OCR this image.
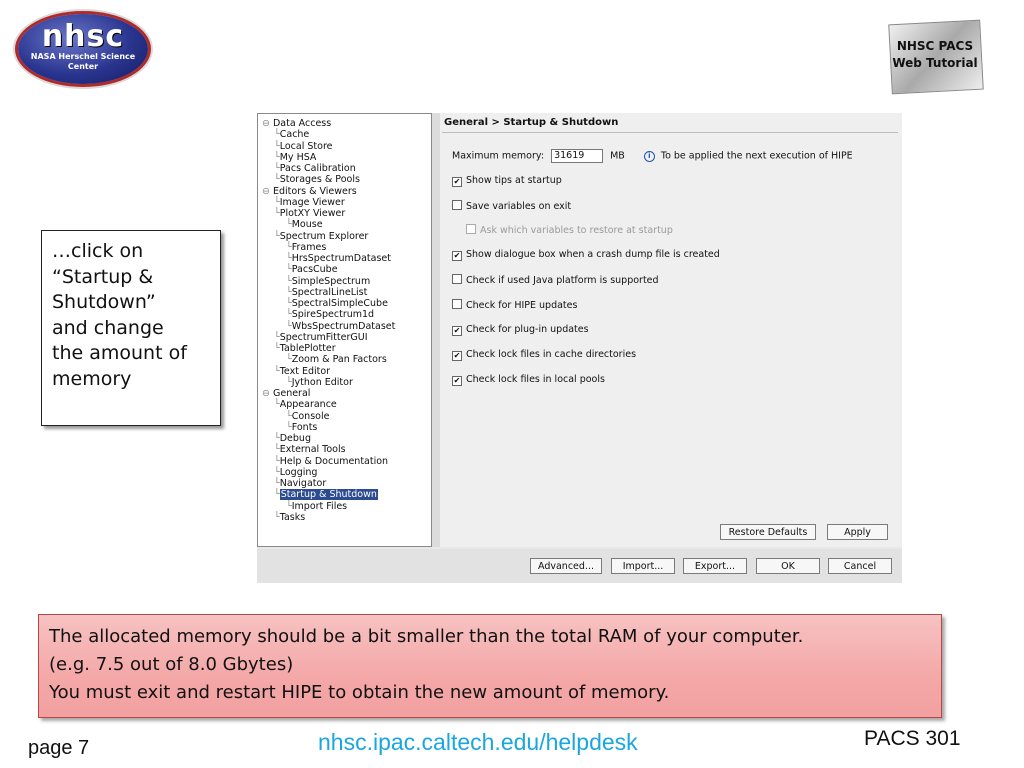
nhsc
NASA Herschel Science Center
NHSC PACS
Web Tutorial
⊖ Data Access
└Cache
└Local Store
└My HSA
└Pacs Calibration
└Storages & Pools
⊖ Editors & Viewers
└Image Viewer
└PlotXY Viewer
└Mouse
└Spectrum Explorer
└Frames
└HrsSpectrumDataset
└PacsCube
└SimpleSpectrum
└SpectralLineList
└SpectralSimpleCube
└SpireSpectrum1d
└WbsSpectrumDataset
└SpectrumFitterGUI
└TablePlotter
└Zoom & Pan Factors
└Text Editor
└Jython Editor
⊖ General
└Appearance
└Console
└Fonts
└Debug
└External Tools
└Help & Documentation
└Logging
└Navigator
└Startup & Shutdown
└Import Files
└Tasks
General > Startup & Shutdown
Maximum memory: 31619	MB	i To be applied the next execution of HIPE
✔ Show tips at startup
Save variables on exit
Ask which variables to restore at startup
✔ Show dialogue box when a crash dump file is created
Check if used Java platform is supported
Check for HIPE updates
✔ Check for plug-in updates
✔ Check lock files in cache directories
✔ Check lock files in local pools
Restore Defaults	Apply
Advanced...	Import...	Export...	OK	Cancel
…click on
“Startup &
Shutdown”
and change
the amount of
memory
The allocated memory should be a bit smaller than the total RAM of your computer.
(e.g. 7.5 out of 8.0 Gbytes)
You must exit and restart HIPE to obtain the new amount of memory.
page 7	nhsc.ipac.caltech.edu/helpdesk	PACS 301
